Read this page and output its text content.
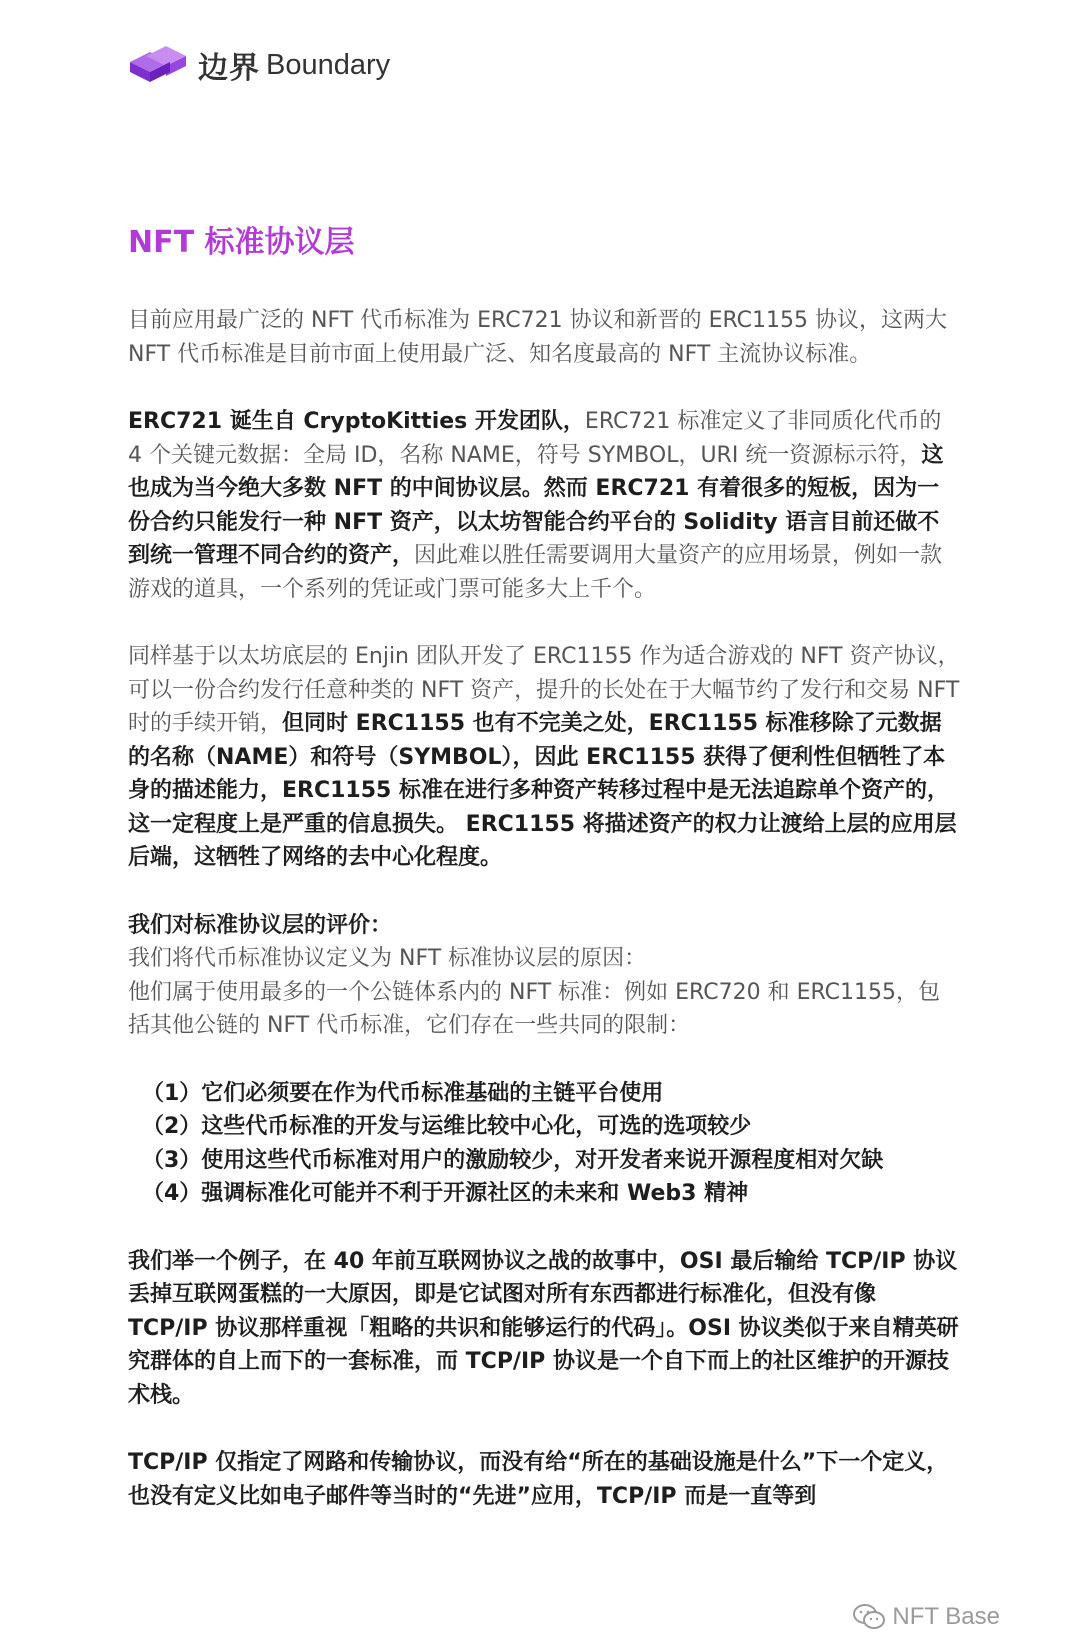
边界 Boundary
NFT 标准协议层

目前应用最广泛的 NFT 代币标准为 ERC721 协议和新晋的 ERC1155 协议，这两大 NFT 代币标准是目前市面上使用最广泛、知名度最高的 NFT 主流协议标准。

ERC721 诞生自 CryptoKitties 开发团队，ERC721 标准定义了非同质化代币的 4 个关键元数据：全局 ID，名称 NAME，符号 SYMBOL，URI 统一资源标示符，这也成为当今绝大多数 NFT 的中间协议层。然而 ERC721 有着很多的短板，因为一份合约只能发行一种 NFT 资产，以太坊智能合约平台的 Solidity 语言目前还做不到统一管理不同合约的资产，因此难以胜任需要调用大量资产的应用场景，例如一款游戏的道具，一个系列的凭证或门票可能多大上千个。

同样基于以太坊底层的 Enjin 团队开发了 ERC1155 作为适合游戏的 NFT 资产协议，可以一份合约发行任意种类的 NFT 资产，提升的长处在于大幅节约了发行和交易 NFT 时的手续开销，但同时 ERC1155 也有不完美之处，ERC1155 标准移除了元数据的名称（NAME）和符号（SYMBOL），因此 ERC1155 获得了便利性但牺牲了本身的描述能力，ERC1155 标准在进行多种资产转移过程中是无法追踪单个资产的，这一定程度上是严重的信息损失。 ERC1155 将描述资产的权力让渡给上层的应用层后端，这牺牲了网络的去中心化程度。

我们对标准协议层的评价：
我们将代币标准协议定义为 NFT 标准协议层的原因：
他们属于使用最多的一个公链体系内的 NFT 标准：例如 ERC720 和 ERC1155，包括其他公链的 NFT 代币标准，它们存在一些共同的限制：

（1）它们必须要在作为代币标准基础的主链平台使用
（2）这些代币标准的开发与运维比较中心化，可选的选项较少
（3）使用这些代币标准对用户的激励较少，对开发者来说开源程度相对欠缺
（4）强调标准化可能并不利于开源社区的未来和 Web3 精神

我们举一个例子，在 40 年前互联网协议之战的故事中，OSI 最后输给 TCP/IP 协议丢掉互联网蛋糕的一大原因，即是它试图对所有东西都进行标准化，但没有像 TCP/IP 协议那样重视「粗略的共识和能够运行的代码」。OSI 协议类似于来自精英研究群体的自上而下的一套标准，而 TCP/IP 协议是一个自下而上的社区维护的开源技术栈。

TCP/IP 仅指定了网路和传输协议，而没有给“所在的基础设施是什么”下一个定义，也没有定义比如电子邮件等当时的“先进”应用，TCP/IP 而是一直等到

NFT Base
